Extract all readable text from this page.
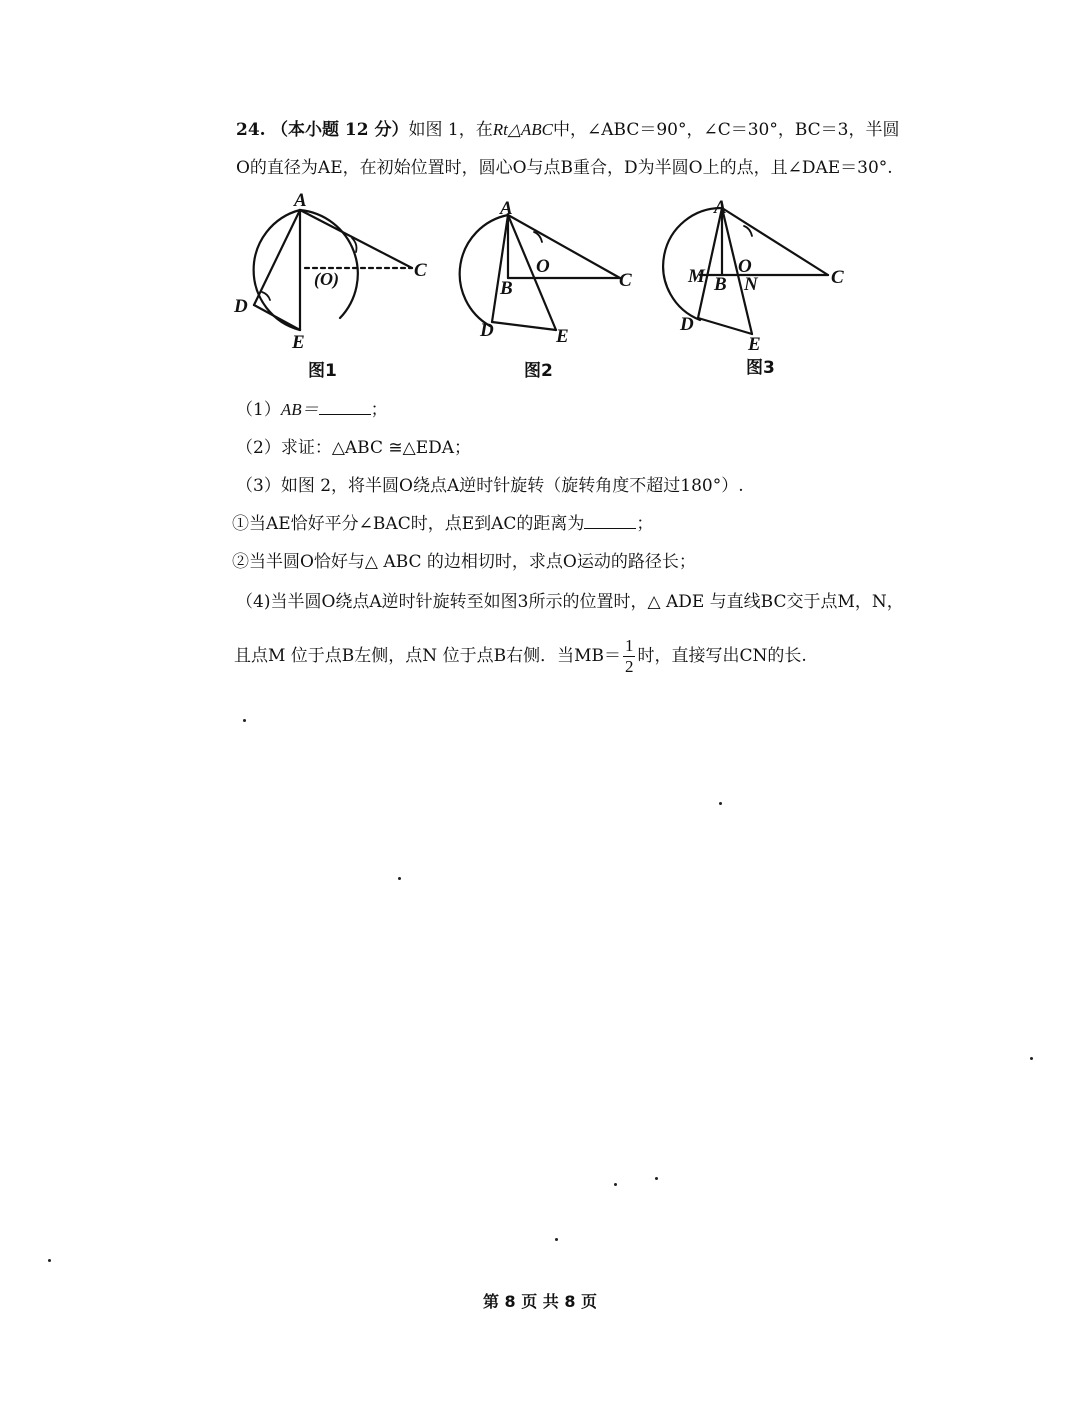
24. （本小题 12 分）如图 1，在Rt△ABC中，∠ABC＝90°，∠C＝30°，BC＝3，半圆
O的直径为AE，在初始位置时，圆心O与点B重合，D为半圆O上的点，且∠DAE＝30°.
A
C
D
E
(O)
A
B	C
D	E
O
A
M B
O
N	C
D
E
图1	图2	图3
（1）AB＝	；
（2）求证：△ABC ≅△EDA；
（3）如图 2，将半圆O绕点A逆时针旋转（旋转角度不超过180°）.
①当AE恰好平分∠BAC时，点E到AC的距离为	；
②当半圆O恰好与△ ABC 的边相切时，求点O运动的路径长；
（4)当半圆O绕点A逆时针旋转至如图3所示的位置时，△ ADE 与直线BC交于点M，N，
且点M 位于点B左侧，点N 位于点B右侧．当$MB= \frac{1}{2}$ 时，直接写出CN的长.
第 8 页 共 8 页
